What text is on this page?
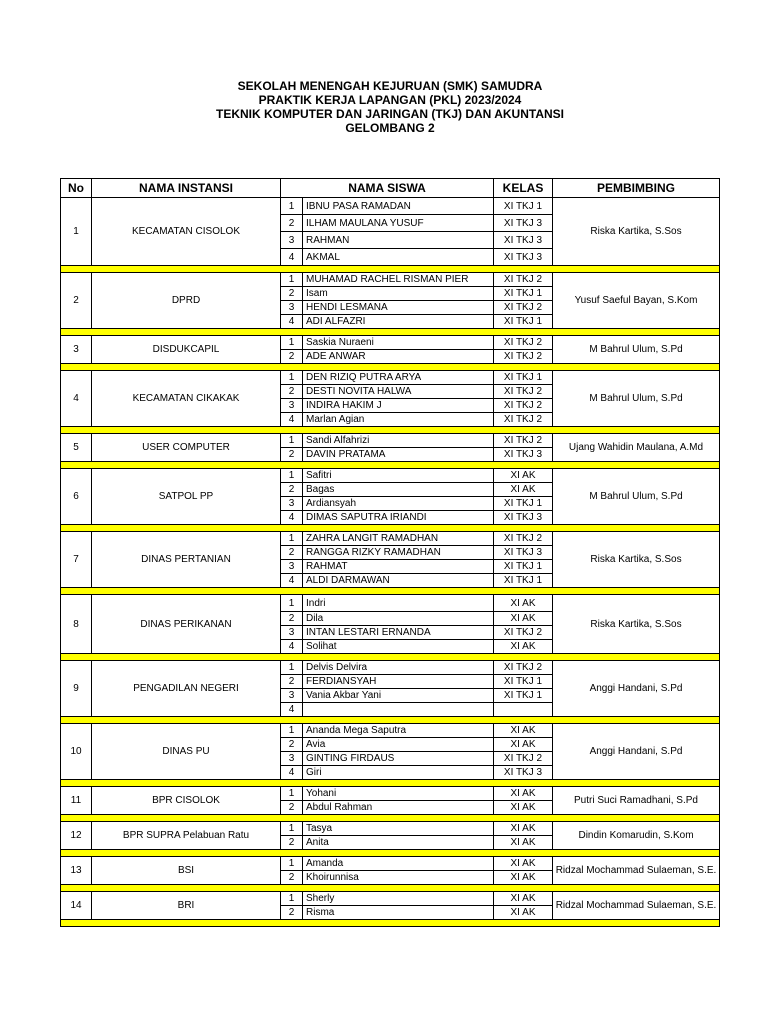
SEKOLAH MENENGAH KEJURUAN (SMK) SAMUDRA
PRAKTIK KERJA LAPANGAN (PKL) 2023/2024
TEKNIK KOMPUTER DAN JARINGAN (TKJ) DAN AKUNTANSI
GELOMBANG 2
No	NAMA INSTANSI	NAMA SISWA		KELAS	PEMBIMBING
1	KECAMATAN CISOLOK	1	IBNU PASA RAMADAN	XI TKJ 1	Riska Kartika, S.Sos
		2	ILHAM MAULANA YUSUF	XI TKJ 3	
		3	RAHMAN	XI TKJ 3	
		4	AKMAL	XI TKJ 3	

2	DPRD	1	MUHAMAD RACHEL RISMAN PIER	XI TKJ 2	Yusuf Saeful Bayan, S.Kom
		2	Isam	XI TKJ 1	
		3	HENDI LESMANA	XI TKJ 2	
		4	ADI ALFAZRI	XI TKJ 1	

3	DISDUKCAPIL	1	Saskia Nuraeni	XI TKJ 2	M Bahrul Ulum, S.Pd
		2	ADE ANWAR	XI TKJ 2	

4	KECAMATAN CIKAKAK	1	DEN RIZIQ PUTRA ARYA	XI TKJ 1	M Bahrul Ulum, S.Pd
		2	DESTI NOVITA HALWA	XI TKJ 2	
		3	INDIRA HAKIM J	XI TKJ 2	
		4	Marlan Agian	XI TKJ 2	

5	USER COMPUTER	1	Sandi Alfahrizi	XI TKJ 2	Ujang Wahidin Maulana, A.Md
		2	DAVIN PRATAMA	XI TKJ 3	

6	SATPOL PP	1	Safitri	XI AK	M Bahrul Ulum, S.Pd
		2	Bagas	XI AK	
		3	Ardiansyah	XI TKJ 1	
		4	DIMAS SAPUTRA IRIANDI	XI TKJ 3	

7	DINAS PERTANIAN	1	ZAHRA LANGIT RAMADHAN	XI TKJ 2	Riska Kartika, S.Sos
		2	RANGGA RIZKY RAMADHAN	XI TKJ 3	
		3	RAHMAT	XI TKJ 1	
		4	ALDI DARMAWAN	XI TKJ 1	

8	DINAS PERIKANAN	1	Indri	XI AK	Riska Kartika, S.Sos
		2	Dila	XI AK	
		3	INTAN LESTARI ERNANDA	XI TKJ 2	
		4	Solihat	XI AK	

9	PENGADILAN NEGERI	1	Delvis Delvira	XI TKJ 2	Anggi Handani, S.Pd
		2	FERDIANSYAH	XI TKJ 1	
		3	Vania Akbar Yani	XI TKJ 1	
		4			

10	DINAS PU	1	Ananda Mega Saputra	XI AK	Anggi Handani, S.Pd
		2	Avia	XI AK	
		3	GINTING FIRDAUS	XI TKJ 2	
		4	Giri	XI TKJ 3	

11	BPR CISOLOK	1	Yohani	XI AK	Putri Suci Ramadhani, S.Pd
		2	Abdul Rahman	XI AK	

12	BPR SUPRA Pelabuan Ratu	1	Tasya	XI AK	Dindin Komarudin, S.Kom
		2	Anita	XI AK	

13	BSI	1	Amanda	XI AK	Ridzal Mochammad Sulaeman, S.E.
		2	Khoirunnisa	XI AK	

14	BRI	1	Sherly	XI AK	Ridzal Mochammad Sulaeman, S.E.
		2	Risma	XI AK	
